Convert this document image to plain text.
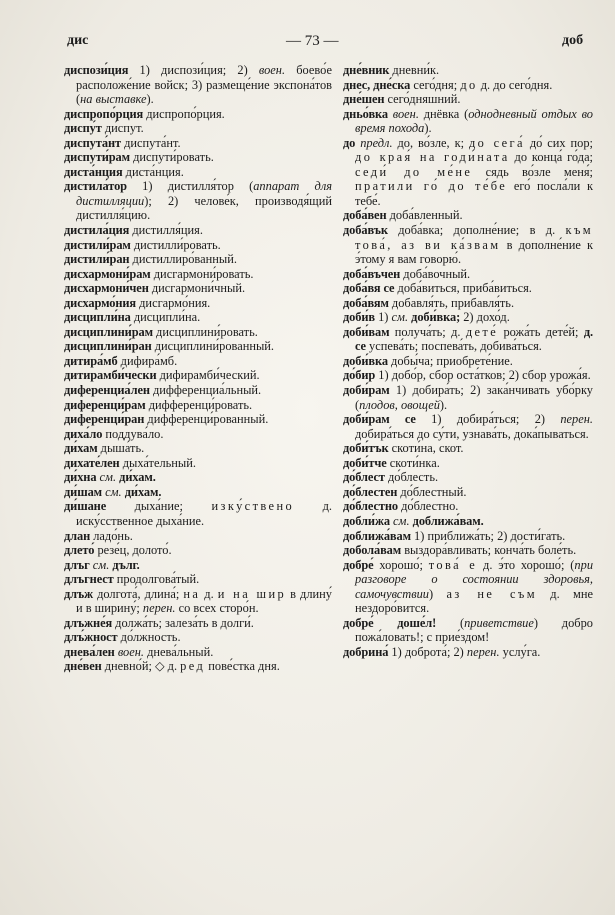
дис	— 73 —	доб
диспози́ция 1) диспози́ция; 2) воен. боево́е расположе́ние войск; 3) размеще́ние экспона́тов (на выставке).
диспропо́рция диспропо́рция.
диспу́т ди́спут.
диспута́нт диспута́нт.
диспути́рам диспути́ровать.
диста́нция диста́нция.
дистила́тор 1) дистилля́тор (аппарат для дистилляции); 2) челове́к, производя́щий дистилля́цию.
дистила́ция дистилля́ция.
дистили́рам дистилли́ровать.
дистили́ран дистиллиро́ванный.
дисхармони́рам дисгармони́ровать.
дисхармони́чен дисгармони́чный.
дисхармо́ния дисгармо́ния.
дисципли́на дисципли́на.
дисциплини́рам дисциплини́ровать.
дисциплини́ран дисциплини́рованный.
дитира́мб дифира́мб.
дитирамби́чески дифирамби́ческий.
диференциа́лен дифференциа́льный.
диференци́рам дифференци́ровать.
диференци́ран дифференци́рованный.
диха́ло поддува́ло.
ди́хам дыша́ть.
дихате́лен дыха́тельный.
ди́хна см. ди́хам.
ди́шам см. ди́хам.
ди́шане дыха́ние; изку́ствено д. иску́сственное дыха́ние.
длан ладо́нь.
длето́ резе́ц, долото́.
длъг см. дълг.
длъгнест продолгова́тый.
длъж долгота́, длина́; на д. и на шир в длину́ и в ширину́; перен. со всех сторо́н.
длъжне́я должа́ть; залеза́ть в долги́.
длъ́жност до́лжность.
днева́лен воен. днева́льный.
дне́вен дневно́й; ◇ д. ред пове́стка дня.
дне́вник дневни́к.
днес, дне́ска сего́дня; до д. до сего́дня.
дне́шен сего́дняшний.
дньо́вка воен. днёвка (однодневный отдых во время похода).
до предл. до, во́зле, к; до сега́ до́ сих пор; до края́ на годи́ната до конца́ го́да; седи́ до ме́не сядь во́зле меня́; пратили го́ до те́бе его́ посла́ли к тебе́.
доба́вен доба́вленный.
доба́вък доба́вка; дополне́ние; в д. към това́, аз ви ка́звам в дополне́ние к э́тому я вам говорю́.
доба́въчен доба́вочный.
доба́вя се доба́виться, приба́виться.
доба́вям добавля́ть, прибавля́ть.
доби́в 1) см. доби́вка; 2) дохо́д.
доби́вам получа́ть; д. дете́ рожа́ть дете́й; д. се успева́ть; поспева́ть, добива́ться.
доби́вка добы́ча; приобрете́ние.
до́бир 1) добо́р, сбор оста́тков; 2) сбор урожа́я.
доби́рам 1) добира́ть; 2) зака́нчивать убо́рку (плодов, овощей).
доби́рам се 1) добира́ться; 2) перен. добира́ться до су́ти, узнава́ть, дока́пываться.
доби́тък скоти́на, скот.
доби́тче скоти́нка.
до́блест до́блесть.
до́блестен до́блестный.
до́блестно до́блестно.
добли́жа см. доближа́вам.
доближа́вам 1) приближа́ть; 2) дости́гать.
добола́вам выздора́вливать; конча́ть боле́ть.
добре́ хорошо́; това́ е д. э́то хорошо́; (при разговоре о состоянии здоровья, самочувствии) аз не съм д. мне нездоро́вится.
добре́ доше́л! (приветствие) добро пожа́ловать!; с прие́здом!
добрина́ 1) доброта́; 2) перен. услу́га.
